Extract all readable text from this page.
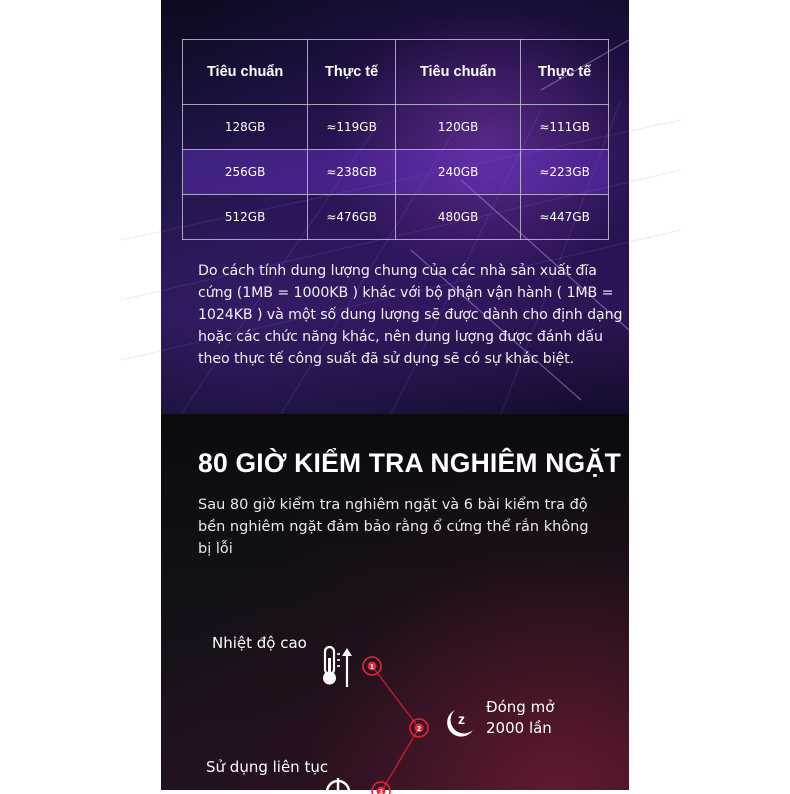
Tiêu chuẩn	Thực tế	Tiêu chuẩn	Thực tế
128GB	≈119GB	120GB	≈111GB
256GB	≈238GB	240GB	≈223GB
512GB	≈476GB	480GB	≈447GB
Do cách tính dung lượng chung của các nhà sản xuất đĩa cứng (1MB = 1000KB ) khác với bộ phận vận hành ( 1MB = 1024KB ) và một số dung lượng sẽ được dành cho định dạng hoặc các chức năng khác, nên dung lượng được đánh dấu theo thực tế công suất đã sử dụng sẽ có sự khác biệt.
80 GIỜ KIỂM TRA NGHIÊM NGẶT
Sau 80 giờ kiểm tra nghiêm ngặt và 6 bài kiểm tra độ bền nghiêm ngặt đảm bảo rằng ổ cứng thể rắn không bị lỗi
1
2
3
Nhiệt độ cao
z
Đóng mở
2000 lần
Sử dụng liên tục
